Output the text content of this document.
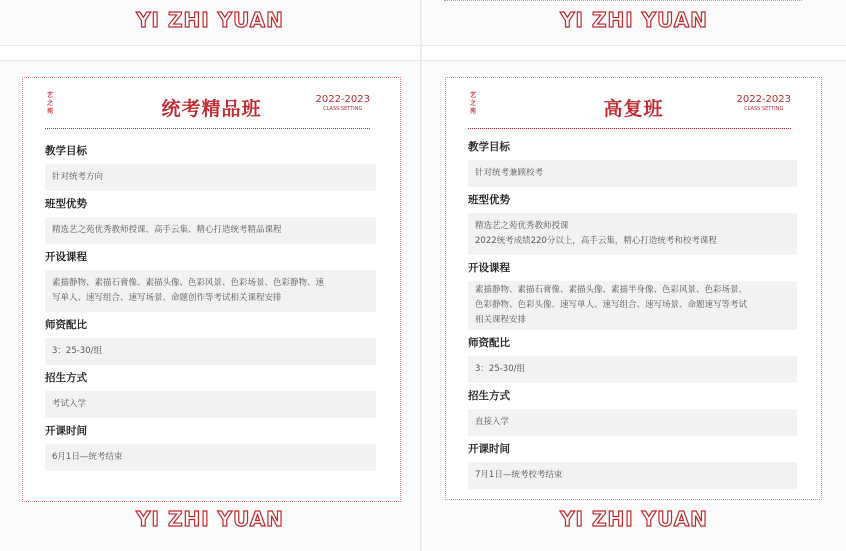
YI ZHI YUAN	YI ZHI YUAN
艺之苑	统考精品班	2022-2023
CLASS SETTING
教学目标
针对统考方向
班型优势
精选艺之苑优秀教师授课、高手云集、精心打造统考精品课程
开设课程
素描静物、素描石膏像、素描头像、色彩风景、色彩场景、色彩静物、速
写单人、速写组合、速写场景、命题创作等考试相关课程安排
师资配比
3：25-30/组
招生方式
考试入学
开课时间
6月1日—统考结束
YI ZHI YUAN
艺之苑	高复班	2022-2023
CLASS SETTING
教学目标
针对统考兼顾校考
班型优势
精选艺之苑优秀教师授课
2022统考成绩220分以上，高手云集，精心打造统考和校考课程
开设课程
素描静物、素描石膏像、素描头像、素描半身像、色彩风景、色彩场景、
色彩静物、色彩头像、速写单人、速写组合、速写场景、命题速写等考试
相关课程安排
师资配比
3：25-30/组
招生方式
直接入学
开课时间
7月1日—统考校考结束
YI ZHI YUAN
